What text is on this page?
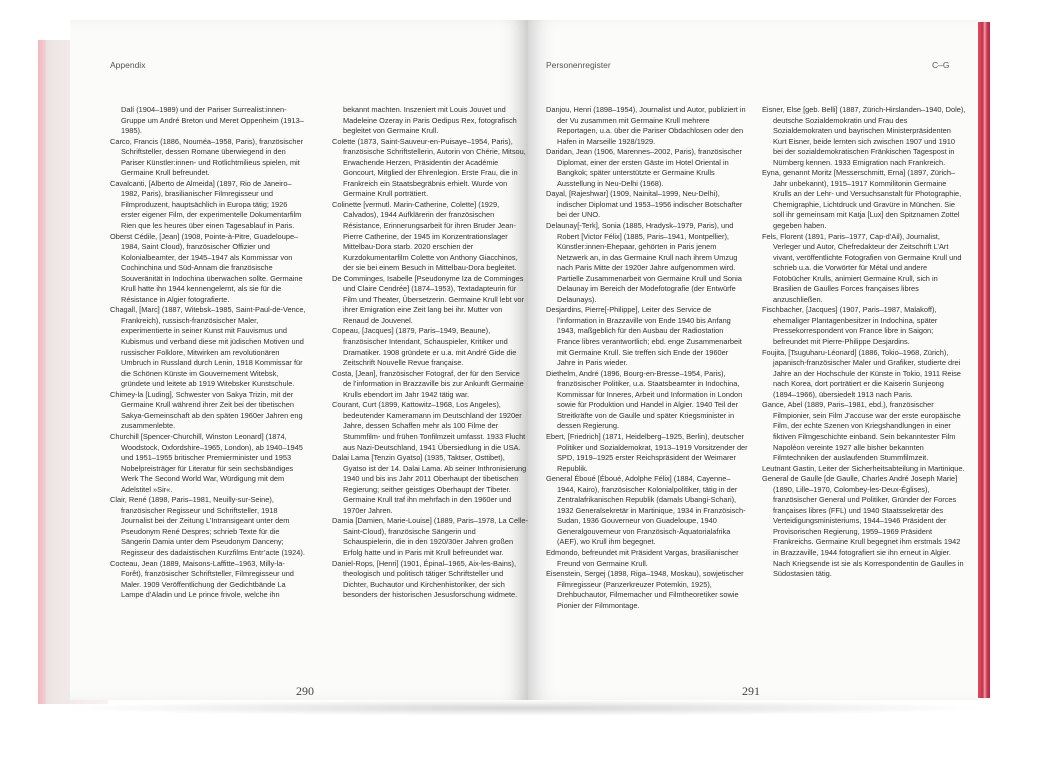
Appendix

Dalí (1904–1989) und der Pariser Surrealist:innen-Gruppe um André Breton und Meret Oppenheim (1913–1985).

Carco, Francis (1886, Nouméa–1958, Paris), französischer Schriftsteller, dessen Romane überwiegend in den Pariser Künstler:innen- und Rotlichtmilieus spielen, mit Germaine Krull befreundet.

Cavalcanti, [Alberto de Almeida] (1897, Rio de Janeiro–1982, Paris), brasilianischer Filmregisseur und Filmproduzent, hauptsächlich in Europa tätig; 1926 erster eigener Film, der experimentelle Dokumentarfilm Rien que les heures über einen Tagesablauf in Paris.

Oberst Cédile, [Jean] (1908, Pointe-à-Pitre, Guadeloupe–1984, Saint Cloud), französischer Offizier und Kolonialbeamter, der 1945–1947 als Kommissar von Cochinchina und Süd-Annam die französische Souveränität in Indochina überwachen sollte. Germaine Krull hatte ihn 1944 kennengelernt, als sie für die Résistance in Algier fotografierte.

Chagall, [Marc] (1887, Witebsk–1985, Saint-Paul-de-Vence, Frankreich), russisch-französischer Maler, experimentierte in seiner Kunst mit Fauvismus und Kubismus und verband diese mit jüdischen Motiven und russischer Folklore, Mitwirken am revolutionären Umbruch in Russland durch Lenin, 1918 Kommissar für die Schönen Künste im Gouvernement Witebsk, gründete und leitete ab 1919 Witebsker Kunstschule.

Chimey-la [Luding], Schwester von Sakya Trizin, mit der Germaine Krull während ihrer Zeit bei der tibetischen Sakya-Gemeinschaft ab den späten 1960er Jahren eng zusammenlebte.

Churchill [Spencer-Churchill, Winston Leonard] (1874, Woodstock, Oxfordshire–1965, London), ab 1940–1945 und 1951–1955 britischer Premierminister und 1953 Nobelpreisträger für Literatur für sein sechsbändiges Werk The Second World War, Würdigung mit dem Adelstitel »Sir«.

Clair, René (1898, Paris–1981, Neuilly-sur-Seine), französischer Regisseur und Schriftsteller, 1918 Journalist bei der Zeitung L’Intransigeant unter dem Pseudonym René Despres; schrieb Texte für die Sängerin Damia unter dem Pseudonym Danceny; Regisseur des dadaistischen Kurzfilms Entr’acte (1924).

Cocteau, Jean (1889, Maisons-Laffitte–1963, Milly-la-Forêt), französischer Schriftsteller, Filmregisseur und Maler. 1909 Veröffentlichung der Gedichtbände La Lampe d’Aladin und Le prince frivole, welche ihn

bekannt machten. Inszeniert mit Louis Jouvet und Madeleine Ozeray in Paris Oedipus Rex, fotografisch begleitet von Germaine Krull.

Colette (1873, Saint-Sauveur-en-Puisaye–1954, Paris), französische Schriftstellerin, Autorin von Chérie, Mitsou, Erwachende Herzen, Präsidentin der Académie Goncourt, Mitglied der Ehrenlegion. Erste Frau, die in Frankreich ein Staatsbegräbnis erhielt. Wurde von Germaine Krull porträtiert.

Colinette [vermutl. Marin-Catherine, Colette] (1929, Calvados), 1944 Aufklärerin der französischen Résistance, Erinnerungsarbeit für ihren Bruder Jean-Pierre Catherine, der 1945 im Konzentrationslager Mittelbau-Dora starb. 2020 erschien der Kurzdokumentarfilm Colette von Anthony Giacchinos, der sie bei einem Besuch in Mittelbau-Dora begleitet.

De Comminges, Isabelle [Pseudonyme Iza de Comminges und Claire Cendrée] (1874–1953), Textadapteurin für Film und Theater, Übersetzerin. Germaine Krull lebt vor ihrer Emigration eine Zeit lang bei ihr. Mutter von Renaud de Jouvenel.

Copeau, [Jacques] (1879, Paris–1949, Beaune), französischer Intendant, Schauspieler, Kritiker und Dramatiker. 1908 gründete er u.a. mit André Gide die Zeitschrift Nouvelle Revue française.

Costa, [Jean], französischer Fotograf, der für den Service de l’information in Brazzaville bis zur Ankunft Germaine Krulls ebendort im Jahr 1942 tätig war.

Courant, Curt (1899, Kattowitz–1968, Los Angeles), bedeutender Kameramann im Deutschland der 1920er Jahre, dessen Schaffen mehr als 100 Filme der Stummfilm- und frühen Tonfilmzeit umfasst. 1933 Flucht aus Nazi-Deutschland, 1941 Übersiedlung in die USA.

Dalai Lama [Tenzin Gyatso] (1935, Taktser, Osttibet), Gyatso ist der 14. Dalai Lama. Ab seiner Inthronisierung 1940 und bis ins Jahr 2011 Oberhaupt der tibetischen Regierung; seither geistiges Oberhaupt der Tibeter. Germaine Krull traf ihn mehrfach in den 1960er und 1970er Jahren.

Damia [Damien, Marie-Louise] (1889, Paris–1978, La Celle-Saint-Cloud), französische Sängerin und Schauspielerin, die in den 1920/30er Jahren großen Erfolg hatte und in Paris mit Krull befreundet war.

Daniel-Rops, [Henri] (1901, Épinal–1965, Aix-les-Bains), theologisch und politisch tätiger Schriftsteller und Dichter, Buchautor und Kirchenhistoriker, der sich besonders der historischen Jesusforschung widmete.

290
Personenregister	C–G

Danjou, Henri (1898–1954), Journalist und Autor, publiziert in der Vu zusammen mit Germaine Krull mehrere Reportagen, u.a. über die Pariser Obdachlosen oder den Hafen in Marseille 1928/1929.

Daridan, Jean (1906, Marennes–2002, Paris), französischer Diplomat, einer der ersten Gäste im Hotel Oriental in Bangkok; später unterstützte er Germaine Krulls Ausstellung in Neu-Delhi (1968).

Dayal, [Rajeshwar] (1909, Nainital–1999, Neu-Delhi), indischer Diplomat und 1953–1956 indischer Botschafter bei der UNO.

Delaunay[-Terk], Sonia (1885, Hradysk–1979, Paris), und Robert [Victor Félix] (1885, Paris–1941, Montpellier), Künstler:innen-Ehepaar, gehörten in Paris jenem Netzwerk an, in das Germaine Krull nach ihrem Umzug nach Paris Mitte der 1920er Jahre aufgenommen wird. Partielle Zusammenarbeit von Germaine Krull und Sonia Delaunay im Bereich der Modefotografie (der Entwürfe Delaunays).

Desjardins, Pierre[-Philippe], Leiter des Service de l’information in Brazzaville von Ende 1940 bis Anfang 1943, maßgeblich für den Ausbau der Radiostation France libres verantwortlich; ebd. enge Zusammenarbeit mit Germaine Krull. Sie treffen sich Ende der 1960er Jahre in Paris wieder.

Diethelm, André (1896, Bourg-en-Bresse–1954, Paris), französischer Politiker, u.a. Staatsbeamter in Indochina, Kommissar für Inneres, Arbeit und Information in London sowie für Produktion und Handel in Algier. 1940 Teil der Streitkräfte von de Gaulle und später Kriegsminister in dessen Regierung.

Ebert, [Friedrich] (1871, Heidelberg–1925, Berlin), deutscher Politiker und Sozialdemokrat, 1913–1919 Vorsitzender der SPD, 1919–1925 erster Reichspräsident der Weimarer Republik.

General Éboué [Éboué, Adolphe Félix] (1884, Cayenne–1944, Kairo), französischer Kolonialpolitiker, tätig in der Zentralafrikanischen Republik (damals Ubangi-Schari), 1932 Generalsekretär in Martinique, 1934 in Französisch-Sudan, 1936 Gouverneur von Guadeloupe, 1940 Generalgouverneur von Französisch-Äquatorialafrika (AEF), wo Krull ihm begegnet.

Edmondo, befreundet mit Präsident Vargas, brasilianischer Freund von Germaine Krull.

Eisenstein, Sergej (1898, Riga–1948, Moskau), sowjetischer Filmregisseur (Panzerkreuzer Potemkin, 1925), Drehbuchautor, Filmemacher und Filmtheoretiker sowie Pionier der Filmmontage.

Eisner, Else [geb. Belli] (1887, Zürich-Hirslanden–1940, Dole), deutsche Sozialdemokratin und Frau des Sozialdemokraten und bayrischen Ministerpräsidenten Kurt Eisner, beide lernten sich zwischen 1907 und 1910 bei der sozialdemokratischen Fränkischen Tagespost in Nürnberg kennen. 1933 Emigration nach Frankreich.

Eyna, genannt Moritz [Messerschmitt, Erna] (1897, Zürich–Jahr unbekannt), 1915–1917 Kommilitonin Germaine Krulls an der Lehr- und Versuchsanstalt für Photographie, Chemigraphie, Lichtdruck und Gravüre in München. Sie soll ihr gemeinsam mit Katja [Lux] den Spitznamen Zottel gegeben haben.

Fels, Florent (1891, Paris–1977, Cap-d’Ail), Journalist, Verleger und Autor, Chefredakteur der Zeitschrift L’Art vivant, veröffentlichte Fotografien von Germaine Krull und schrieb u.a. die Vorwörter für Métal und andere Fotobücher Krulls, animiert Germaine Krull, sich in Brasilien de Gaulles Forces françaises libres anzuschließen.

Fischbacher, [Jacques] (1907, Paris–1987, Malakoff), ehemaliger Plantagenbesitzer in Indochina, später Pressekorrespondent von France libre in Saigon; befreundet mit Pierre-Philippe Desjardins.

Foujita, [Tsuguharu-Léonard] (1886, Tokio–1968, Zürich), japanisch-französischer Maler und Grafiker, studierte drei Jahre an der Hochschule der Künste in Tokio, 1911 Reise nach Korea, dort porträtiert er die Kaiserin Sunjeong (1894–1966), übersiedelt 1913 nach Paris.

Gance, Abel (1889, Paris–1981, ebd.), französischer Filmpionier, sein Film J’accuse war der erste europäische Film, der echte Szenen von Kriegshandlungen in einer fiktiven Filmgeschichte einband. Sein bekanntester Film Napoléon vereinte 1927 alle bisher bekannten Filmtechniken der auslaufenden Stummfilmzeit.

Leutnant Gastin, Leiter der Sicherheitsabteilung in Martinique.

General de Gaulle [de Gaulle, Charles André Joseph Marie] (1890, Lille–1970, Colombey-les-Deux-Églises), französischer General und Politiker, Gründer der Forces françaises libres (FFL) und 1940 Staatssekretär des Verteidigungsministeriums, 1944–1946 Präsident der Provisorischen Regierung, 1959–1969 Präsident Frankreichs. Germaine Krull begegnet ihm erstmals 1942 in Brazzaville, 1944 fotografiert sie ihn erneut in Algier. Nach Kriegsende ist sie als Korrespondentin de Gaulles in Südostasien tätig.

291
